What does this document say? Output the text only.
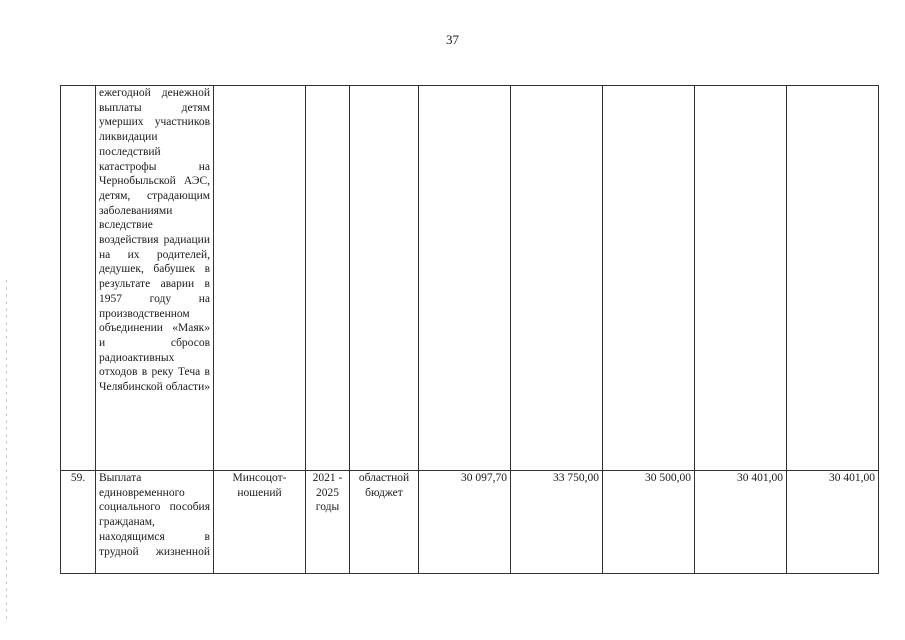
37
	ежегодной денежной выплаты детям умерших участников ликвидации последствий катастрофы на Чернобыльской АЭС, детям, страдающим заболеваниями вследствие воздействия радиации на их родителей, дедушек, бабушек в результате аварии в 1957 году на производственном объединении «Маяк» и сбросов радиоактивных отходов в реку Теча в Челябинской области»								
59.	Выплата единовременного социального пособия гражданам, находящимся в трудной жизненной	Минсоцот-ношений	2021 - 2025 годы	областной бюджет	30 097,70	33 750,00	30 500,00	30 401,00	30 401,00
